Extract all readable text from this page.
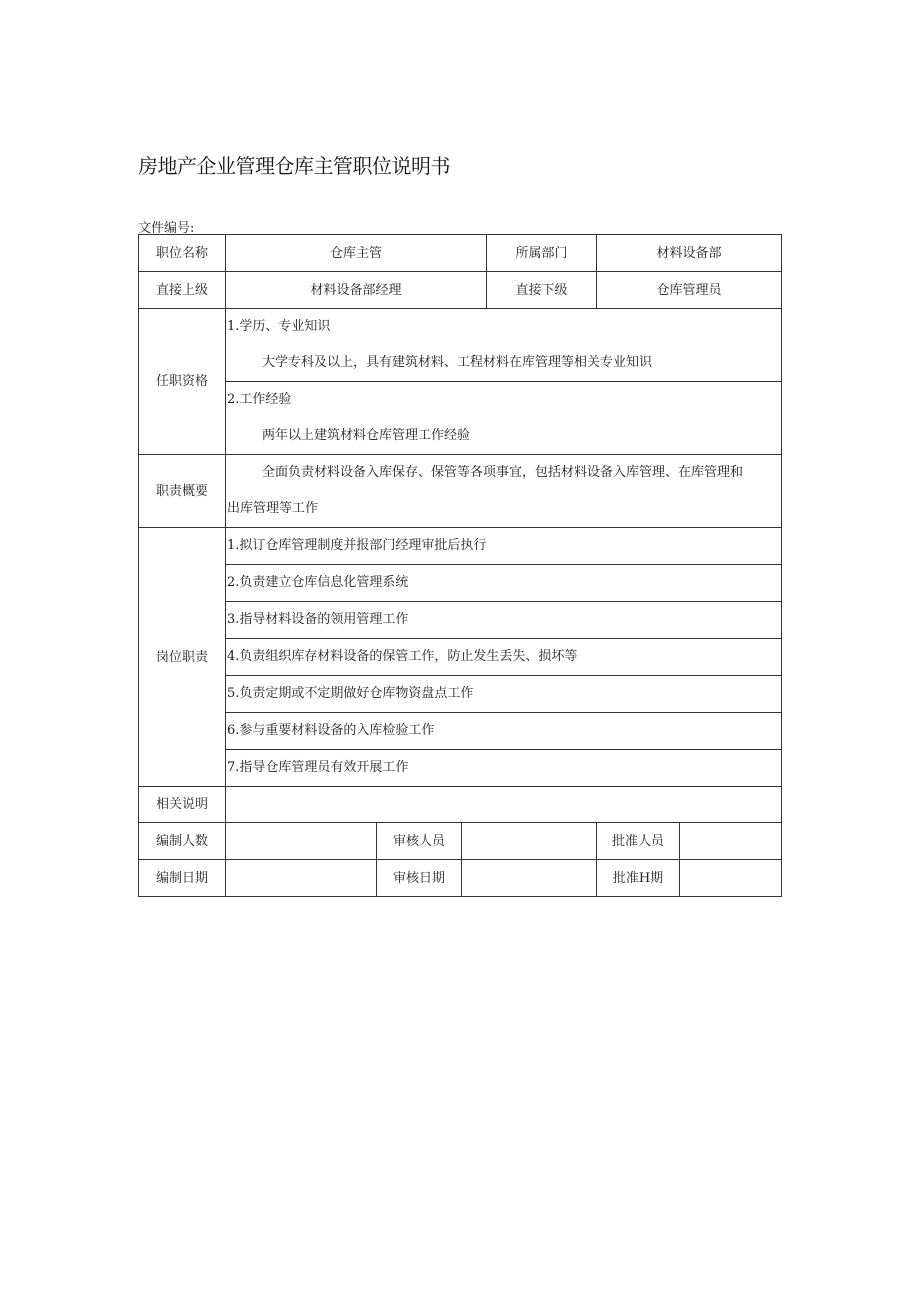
房地产企业管理仓库主管职位说明书
文件编号:
职位名称	仓库主管			所属部门	材料设备部
直接上级	材料设备部经理			直接下级	仓库管理员
任职资格	1.学历、专业知识
大学专科及以上，具有建筑材料、工程材料在库管理等相关专业知识
2.工作经验
两年以上建筑材料仓库管理工作经验				

职责概要	全面负责材料设备入库保存、保管等各项事宜，包括材料设备入库管理、在库管理和
出库管理等工作				

岗位职责	1.拟订仓库管理制度并报部门经理审批后执行				

	2.负责建立仓库信息化管理系统				

	3.指导材料设备的领用管理工作				

	4.负责组织库存材料设备的保管工作，防止发生丢失、损坏等				

	5.负责定期或不定期做好仓库物资盘点工作				

	6.参与重要材料设备的入库检验工作				

	7.指导仓库管理员有效开展工作				

相关说明					
编制人数		审核人员			批准人员

编制日期		审核日期			批准H期
